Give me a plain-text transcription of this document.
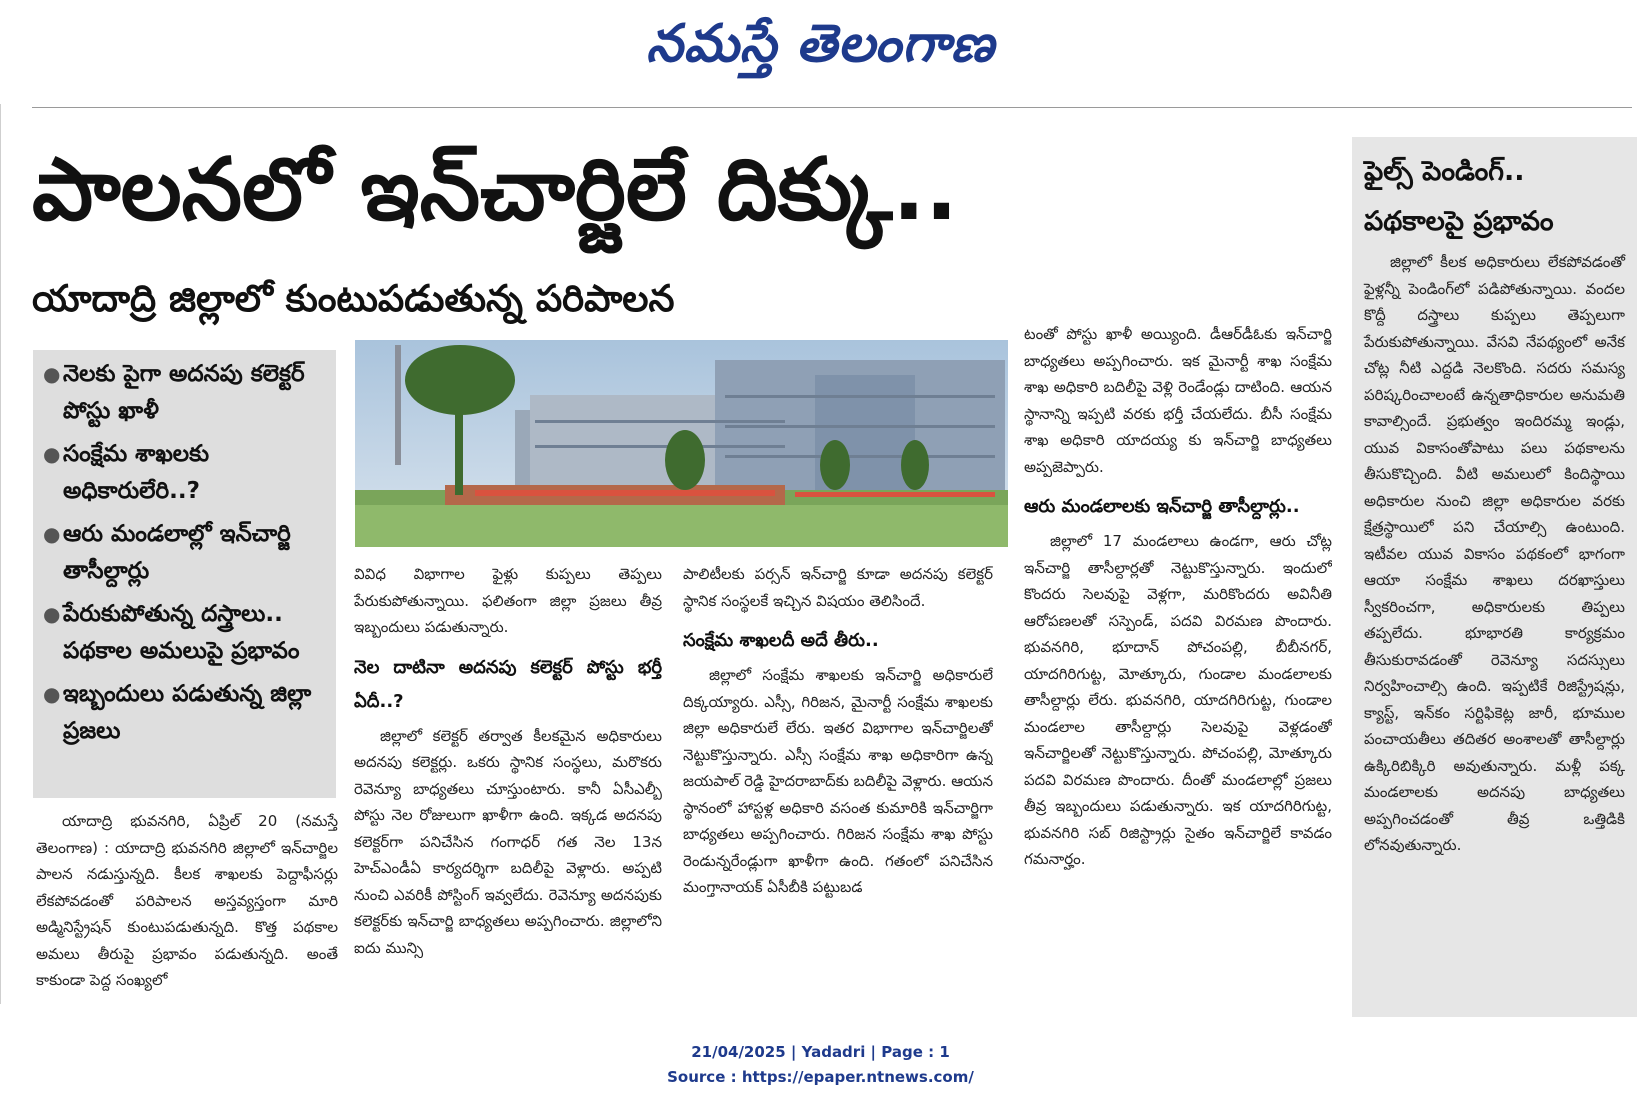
నమస్తే తెలంగాణ
పాలనలో ఇన్‌చార్జిలే దిక్కు..
యాదాద్రి జిల్లాలో కుంటుపడుతున్న పరిపాలన
● నెలకు పైగా అదనపు కలెక్టర్ పోస్టు ఖాళీ
● సంక్షేమ శాఖలకు అధికారులేరి..?
● ఆరు మండలాల్లో ఇన్‌చార్జి తాసీల్దార్లు
● పేరుకుపోతున్న దస్త్రాలు.. పథకాల అమలుపై ప్రభావం
● ఇబ్బందులు పడుతున్న జిల్లా ప్రజలు

యాదాద్రి భువనగిరి, ఏప్రిల్ 20 (నమస్తే తెలంగాణ) : యాదాద్రి భువనగిరి జిల్లాలో ఇన్‌చార్జిల పాలన నడుస్తున్నది. కీలక శాఖలకు పెద్దాఫీసర్లు లేకపోవడంతో పరిపాలన అస్తవ్యస్తంగా మారి అడ్మినిస్ట్రేషన్ కుంటుపడుతున్నది. కొత్త పథకాల అమలు తీరుపై ప్రభావం పడుతున్నది. అంతే కాకుండా పెద్ద సంఖ్యలో

వివిధ విభాగాల ఫైళ్లు కుప్పలు తెప్పలు పేరుకుపోతున్నాయి. ఫలితంగా జిల్లా ప్రజలు తీవ్ర ఇబ్బందులు పడుతున్నారు.

నెల దాటినా అదనపు కలెక్టర్ పోస్టు భర్తీ ఏదీ..?

జిల్లాలో కలెక్టర్ తర్వాత కీలకమైన అధికారులు అదనపు కలెక్టర్లు. ఒకరు స్థానిక సంస్థలు, మరొకరు రెవెన్యూ బాధ్యతలు చూస్తుంటారు. కానీ ఏసీఎల్బీ పోస్టు నెల రోజులుగా ఖాళీగా ఉంది. ఇక్కడ అదనపు కలెక్టర్‌గా పనిచేసిన గంగాధర్ గత నెల 13న హెచ్ఎండీఏ కార్యదర్శిగా బదిలీపై వెళ్లారు. అప్పటి నుంచి ఎవరికీ పోస్టింగ్ ఇవ్వలేదు. రెవెన్యూ అదనపుకు కలెక్టర్‌కు ఇన్‌చార్జి బాధ్యతలు అప్పగించారు. జిల్లాలోని ఐదు మున్సి

పాలిటీలకు పర్సన్ ఇన్‌చార్జి కూడా అదనపు కలెక్టర్ స్థానిక సంస్థలకే ఇచ్చిన విషయం తెలిసిందే.

సంక్షేమ శాఖలదీ అదే తీరు..

జిల్లాలో సంక్షేమ శాఖలకు ఇన్‌చార్జి అధికారులే దిక్కయ్యారు. ఎస్సీ, గిరిజన, మైనార్టీ సంక్షేమ శాఖలకు జిల్లా అధికారులే లేరు. ఇతర విభాగాల ఇన్‌చార్జిలతో నెట్టుకొస్తున్నారు. ఎస్సీ సంక్షేమ శాఖ అధికారిగా ఉన్న జయపాల్ రెడ్డి హైదరాబాద్‌కు బదిలీపై వెళ్లారు. ఆయన స్థానంలో హాస్టళ్ల అధికారి వసంత కుమారికి ఇన్‌చార్జిగా బాధ్యతలు అప్పగించారు. గిరిజన సంక్షేమ శాఖ పోస్టు రెండున్నరేండ్లుగా ఖాళీగా ఉంది. గతంలో పనిచేసిన మంగ్తానాయక్ ఏసీబీకి పట్టుబడ

టంతో పోస్టు ఖాళీ అయ్యింది. డీఆర్‌డీఓకు ఇన్‌చార్జి బాధ్యతలు అప్పగించారు. ఇక మైనార్టీ శాఖ సంక్షేమ శాఖ అధికారి బదిలీపై వెళ్లి రెండేండ్లు దాటింది. ఆయన స్థానాన్ని ఇప్పటి వరకు భర్తీ చేయలేదు. బీసీ సంక్షేమ శాఖ అధికారి యాదయ్య కు ఇన్‌చార్జి బాధ్యతలు అప్పజెప్పారు.

ఆరు మండలాలకు ఇన్‌చార్జి తాసీల్దార్లు..

జిల్లాలో 17 మండలాలు ఉండగా, ఆరు చోట్ల ఇన్‌చార్జి తాసీల్దార్లతో నెట్టుకొస్తున్నారు. ఇందులో కొందరు సెలవుపై వెళ్లగా, మరికొందరు అవినీతి ఆరోపణలతో సస్పెండ్, పదవి విరమణ పొందారు. భువనగిరి, భూదాన్ పోచంపల్లి, బీబీనగర్, యాదగిరిగుట్ట, మోత్కూరు, గుండాల మండలాలకు తాసీల్దార్లు లేరు. భువనగిరి, యాదగిరిగుట్ట, గుండాల మండలాల తాసీల్దార్లు సెలవుపై వెళ్లడంతో ఇన్‌చార్జిలతో నెట్టుకొస్తున్నారు. పోచంపల్లి, మోత్కూరు పదవి విరమణ పొందారు. దీంతో మండలాల్లో ప్రజలు తీవ్ర ఇబ్బందులు పడుతున్నారు. ఇక యాదగిరిగుట్ట, భువనగిరి సబ్ రిజిస్ట్రార్లు సైతం ఇన్‌చార్జిలే కావడం గమనార్హం.

ఫైల్స్ పెండింగ్.. పథకాలపై ప్రభావం
జిల్లాలో కీలక అధికారులు లేకపోవడంతో ఫైళ్లన్నీ పెండింగ్‌లో పడిపోతున్నాయి. వందల కొద్దీ దస్త్రాలు కుప్పలు తెప్పలుగా పేరుకుపోతున్నాయి. వేసవి నేపథ్యంలో అనేక చోట్ల నీటి ఎద్దడి నెలకొంది. సదరు సమస్య పరిష్కరించాలంటే ఉన్నతాధికారుల అనుమతి కావాల్సిందే. ప్రభుత్వం ఇందిరమ్మ ఇండ్లు, యువ వికాసంతోపాటు పలు పథకాలను తీసుకొచ్చింది. వీటి అమలులో కిందిస్థాయి అధికారుల నుంచి జిల్లా అధికారుల వరకు క్షేత్రస్థాయిలో పని చేయాల్సి ఉంటుంది. ఇటీవల యువ వికాసం పథకంలో భాగంగా ఆయా సంక్షేమ శాఖలు దరఖాస్తులు స్వీకరించగా, అధికారులకు తిప్పలు తప్పలేదు. భూభారతి కార్యక్రమం తీసుకురావడంతో రెవెన్యూ సదస్సులు నిర్వహించాల్సి ఉంది. ఇప్పటికే రిజిస్ట్రేషన్లు, క్యాస్ట్, ఇన్‌కం సర్టిఫికెట్ల జారీ, భూముల పంచాయతీలు తదితర అంశాలతో తాసీల్దార్లు ఉక్కిరిబిక్కిరి అవుతున్నారు. మళ్లీ పక్క మండలాలకు అదనపు బాధ్యతలు అప్పగించడంతో తీవ్ర ఒత్తిడికి లోనవుతున్నారు.
21/04/2025 | Yadadri | Page : 1
Source : https://epaper.ntnews.com/
